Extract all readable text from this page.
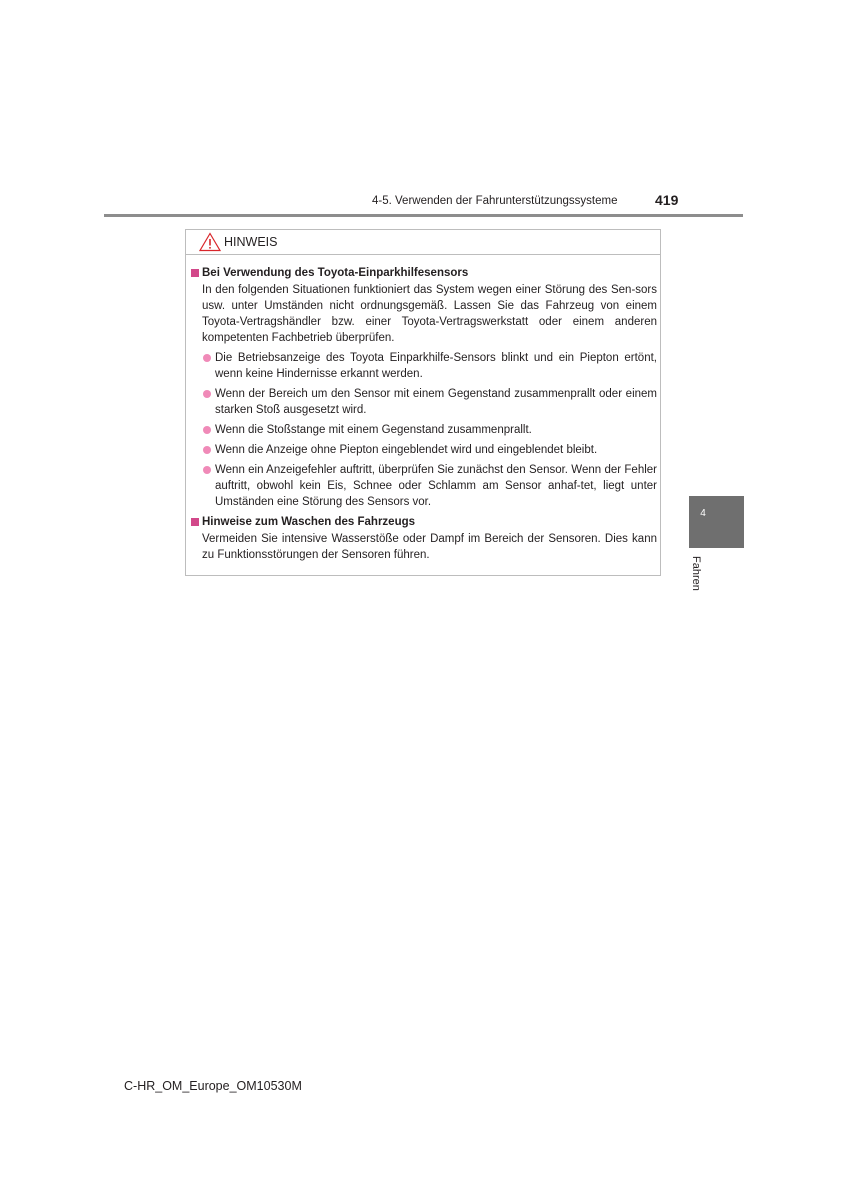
4-5. Verwenden der Fahrunterstützungssysteme	419
HINWEIS
Bei Verwendung des Toyota-Einparkhilfesensors
In den folgenden Situationen funktioniert das System wegen einer Störung des Sen-sors usw. unter Umständen nicht ordnungsgemäß. Lassen Sie das Fahrzeug von einem Toyota-Vertragshändler bzw. einer Toyota-Vertragswerkstatt oder einem anderen kompetenten Fachbetrieb überprüfen.
Die Betriebsanzeige des Toyota Einparkhilfe-Sensors blinkt und ein Piepton ertönt, wenn keine Hindernisse erkannt werden.
Wenn der Bereich um den Sensor mit einem Gegenstand zusammenprallt oder einem starken Stoß ausgesetzt wird.
Wenn die Stoßstange mit einem Gegenstand zusammenprallt.
Wenn die Anzeige ohne Piepton eingeblendet wird und eingeblendet bleibt.
Wenn ein Anzeigefehler auftritt, überprüfen Sie zunächst den Sensor. Wenn der Fehler auftritt, obwohl kein Eis, Schnee oder Schlamm am Sensor anhaf-tet, liegt unter Umständen eine Störung des Sensors vor.
Hinweise zum Waschen des Fahrzeugs
Vermeiden Sie intensive Wasserstöße oder Dampf im Bereich der Sensoren. Dies kann zu Funktionsstörungen der Sensoren führen.
4
Fahren
C-HR_OM_Europe_OM10530M
